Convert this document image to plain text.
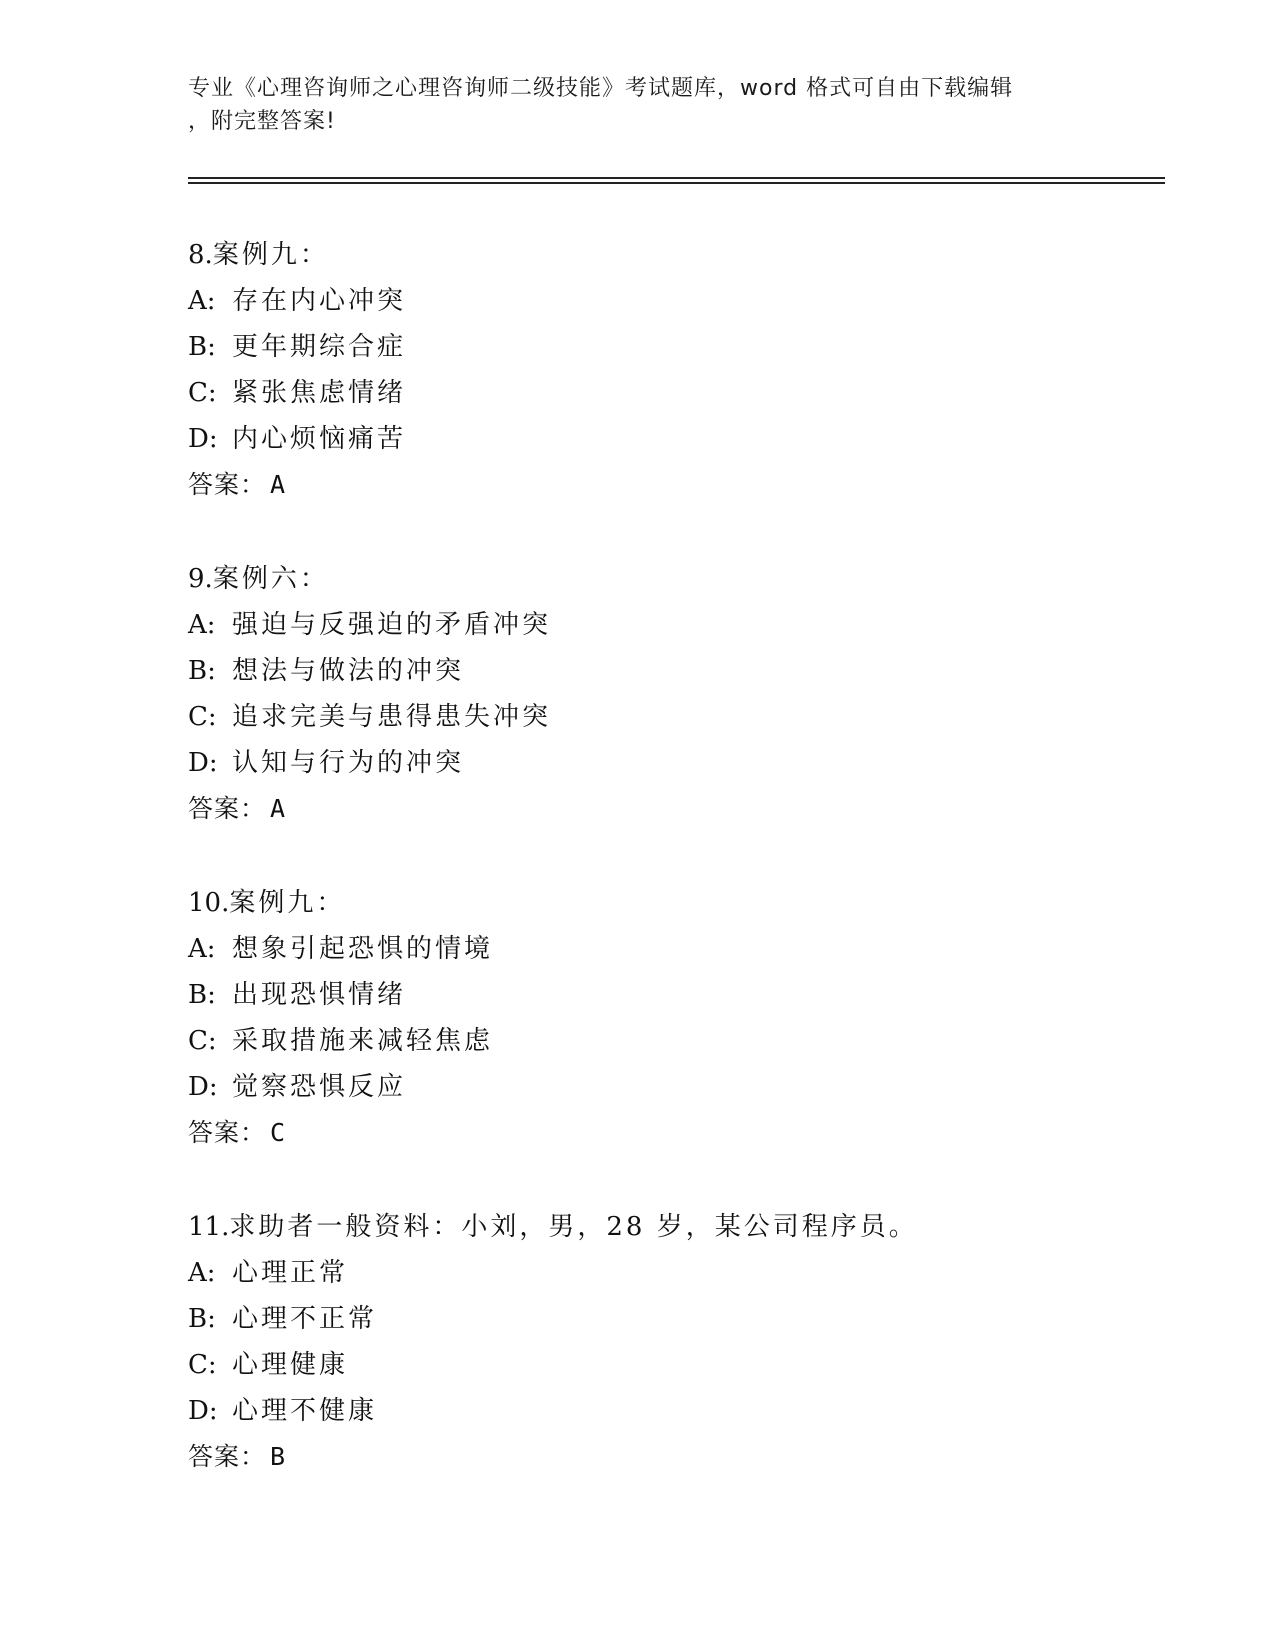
专业《心理咨询师之心理咨询师二级技能》考试题库，word 格式可自由下载编辑
，附完整答案!
8.案例九：
A: 存在内心冲突
B: 更年期综合症
C: 紧张焦虑情绪
D: 内心烦恼痛苦
答案： A
9.案例六：
A: 强迫与反强迫的矛盾冲突
B: 想法与做法的冲突
C: 追求完美与患得患失冲突
D: 认知与行为的冲突
答案： A
10.案例九：
A: 想象引起恐惧的情境
B: 出现恐惧情绪
C: 采取措施来减轻焦虑
D: 觉察恐惧反应
答案： C
11.求助者一般资料：小刘，男，28 岁，某公司程序员。
A: 心理正常
B: 心理不正常
C: 心理健康
D: 心理不健康
答案： B
